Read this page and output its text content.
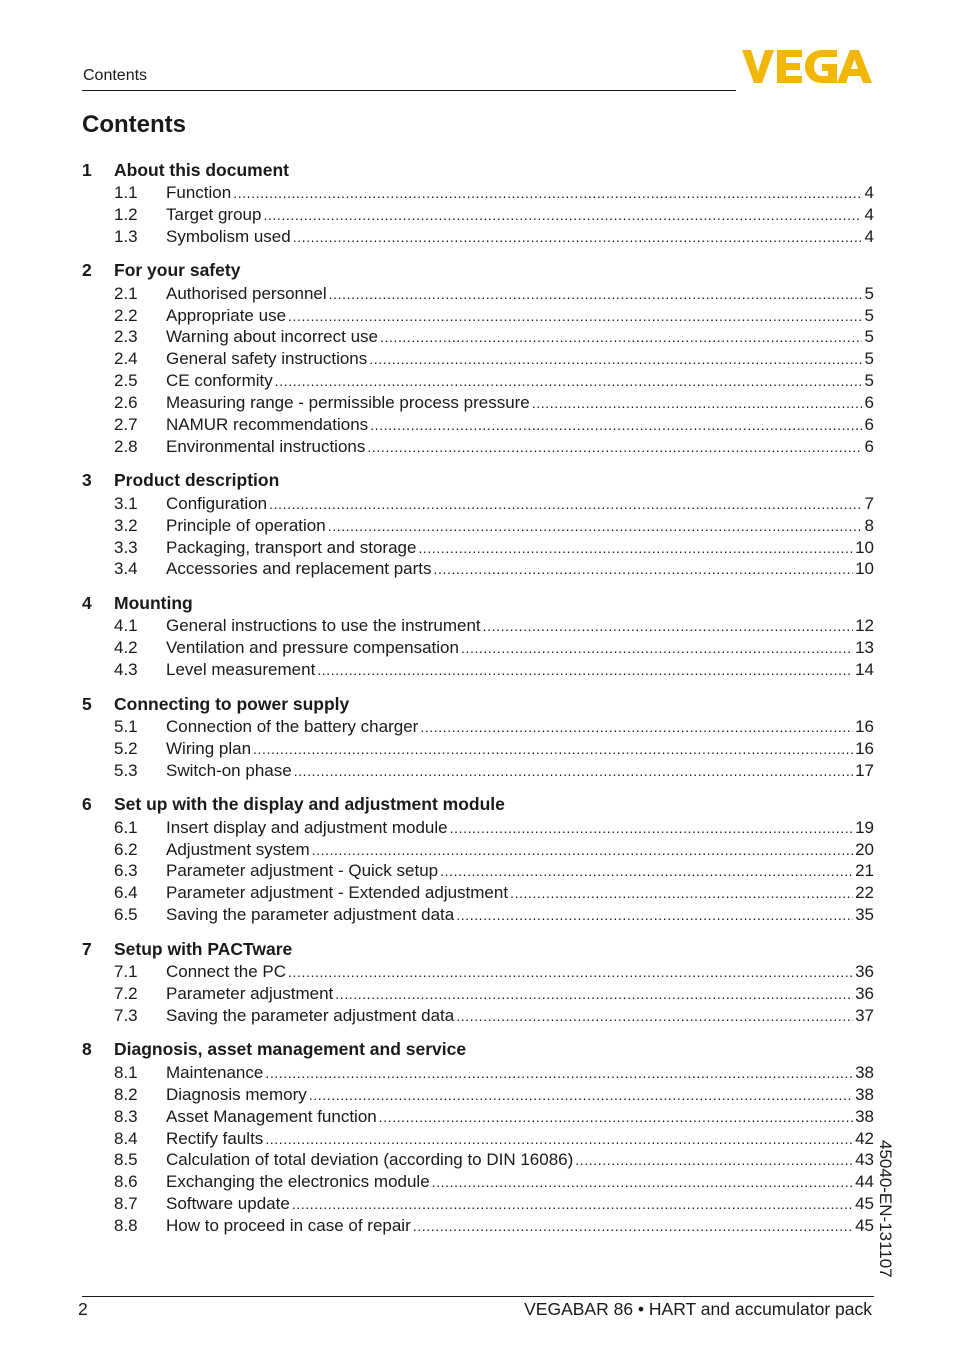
Contents
Contents
1	About this document
1.1	Function .....	4
1.2	Target group .....	4
1.3	Symbolism used .....	4
2	For your safety
2.1	Authorised personnel .....	5
2.2	Appropriate use .....	5
2.3	Warning about incorrect use .....	5
2.4	General safety instructions .....	5
2.5	CE conformity .....	5
2.6	Measuring range - permissible process pressure .....	6
2.7	NAMUR recommendations .....	6
2.8	Environmental instructions .....	6
3	Product description
3.1	Configuration .....	7
3.2	Principle of operation .....	8
3.3	Packaging, transport and storage .....	10
3.4	Accessories and replacement parts .....	10
4	Mounting
4.1	General instructions to use the instrument .....	12
4.2	Ventilation and pressure compensation .....	13
4.3	Level measurement .....	14
5	Connecting to power supply
5.1	Connection of the battery charger .....	16
5.2	Wiring plan .....	16
5.3	Switch-on phase .....	17
6	Set up with the display and adjustment module
6.1	Insert display and adjustment module .....	19
6.2	Adjustment system .....	20
6.3	Parameter adjustment - Quick setup .....	21
6.4	Parameter adjustment - Extended adjustment .....	22
6.5	Saving the parameter adjustment data .....	35
7	Setup with PACTware
7.1	Connect the PC .....	36
7.2	Parameter adjustment .....	36
7.3	Saving the parameter adjustment data .....	37
8	Diagnosis, asset management and service
8.1	Maintenance .....	38
8.2	Diagnosis memory .....	38
8.3	Asset Management function .....	38
8.4	Rectify faults .....	42
8.5	Calculation of total deviation (according to DIN 16086) .....	43
8.6	Exchanging the electronics module .....	44
8.7	Software update .....	45
8.8	How to proceed in case of repair .....	45 45040-EN-131107
2	VEGABAR 86 • HART and accumulator pack
